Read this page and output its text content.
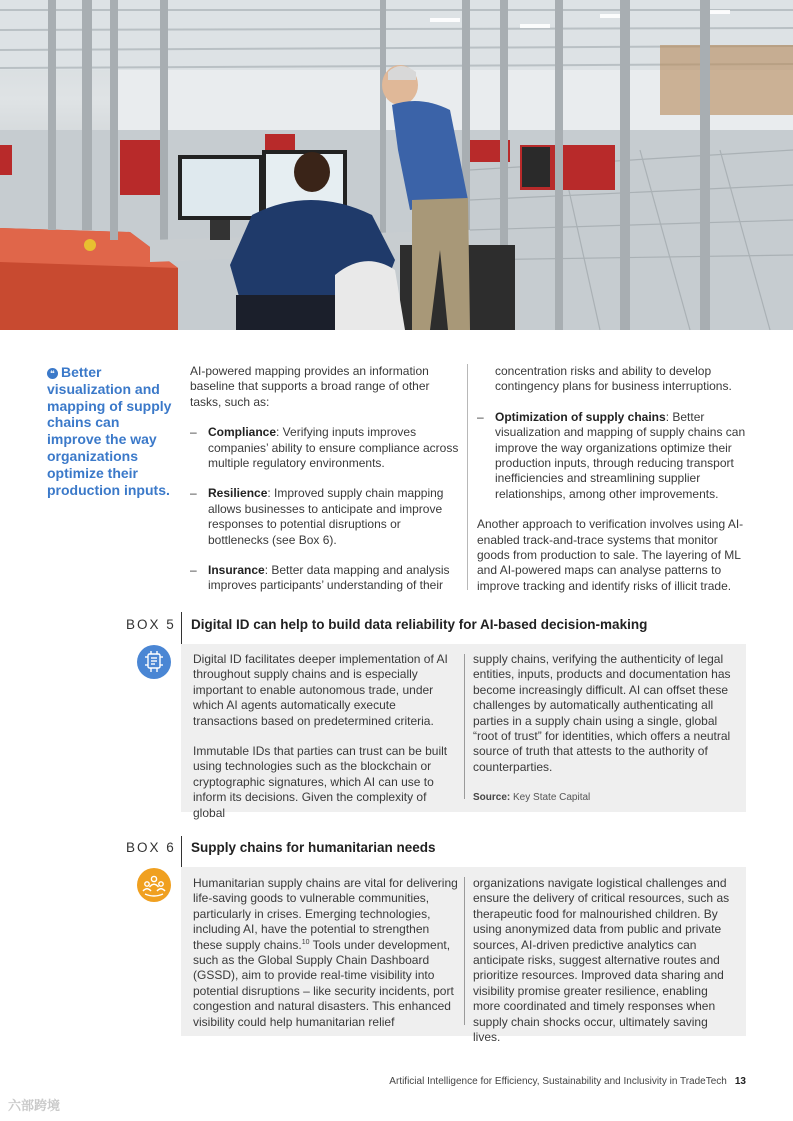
❝ Better visualization and mapping of supply chains can improve the way organizations optimize their production inputs.

AI-powered mapping provides an information baseline that supports a broad range of other tasks, such as:

– Compliance: Verifying inputs improves companies’ ability to ensure compliance across multiple regulatory environments.
– Resilience: Improved supply chain mapping allows businesses to anticipate and improve responses to potential disruptions or bottlenecks (see Box 6).
– Insurance: Better data mapping and analysis improves participants’ understanding of their

concentration risks and ability to develop contingency plans for business interruptions.

– Optimization of supply chains: Better visualization and mapping of supply chains can improve the way organizations optimize their production inputs, through reducing transport inefficiencies and streamlining supplier relationships, among other improvements.

Another approach to verification involves using AI-enabled track-and-trace systems that monitor goods from production to sale. The layering of ML and AI-powered maps can analyse patterns to improve tracking and identify risks of illicit trade.

BOX 5 Digital ID can help to build data reliability for AI-based decision-making

Digital ID facilitates deeper implementation of AI throughout supply chains and is especially important to enable autonomous trade, under which AI agents automatically execute transactions based on predetermined criteria.

Immutable IDs that parties can trust can be built using technologies such as the blockchain or cryptographic signatures, which AI can use to inform its decisions. Given the complexity of global

supply chains, verifying the authenticity of legal entities, inputs, products and documentation has become increasingly difficult. AI can offset these challenges by automatically authenticating all parties in a supply chain using a single, global “root of trust” for identities, which offers a neutral source of truth that attests to the authority of counterparties.

Source: Key State Capital
BOX 6 Supply chains for humanitarian needs

Humanitarian supply chains are vital for delivering life-saving goods to vulnerable communities, particularly in crises. Emerging technologies, including AI, have the potential to strengthen these supply chains.$^{10}$ Tools under development, such as the Global Supply Chain Dashboard (GSSD), aim to provide real-time visibility into potential disruptions – like security incidents, port congestion and natural disasters. This enhanced visibility could help humanitarian relief

organizations navigate logistical challenges and ensure the delivery of critical resources, such as therapeutic food for malnourished children. By using anonymized data from public and private sources, AI-driven predictive analytics can anticipate risks, suggest alternative routes and prioritize resources. Improved data sharing and visibility promise greater resilience, enabling more coordinated and timely responses when supply chain shocks occur, ultimately saving lives.

Artificial Intelligence for Efficiency, Sustainability and Inclusivity in TradeTech 13
六部跨境
